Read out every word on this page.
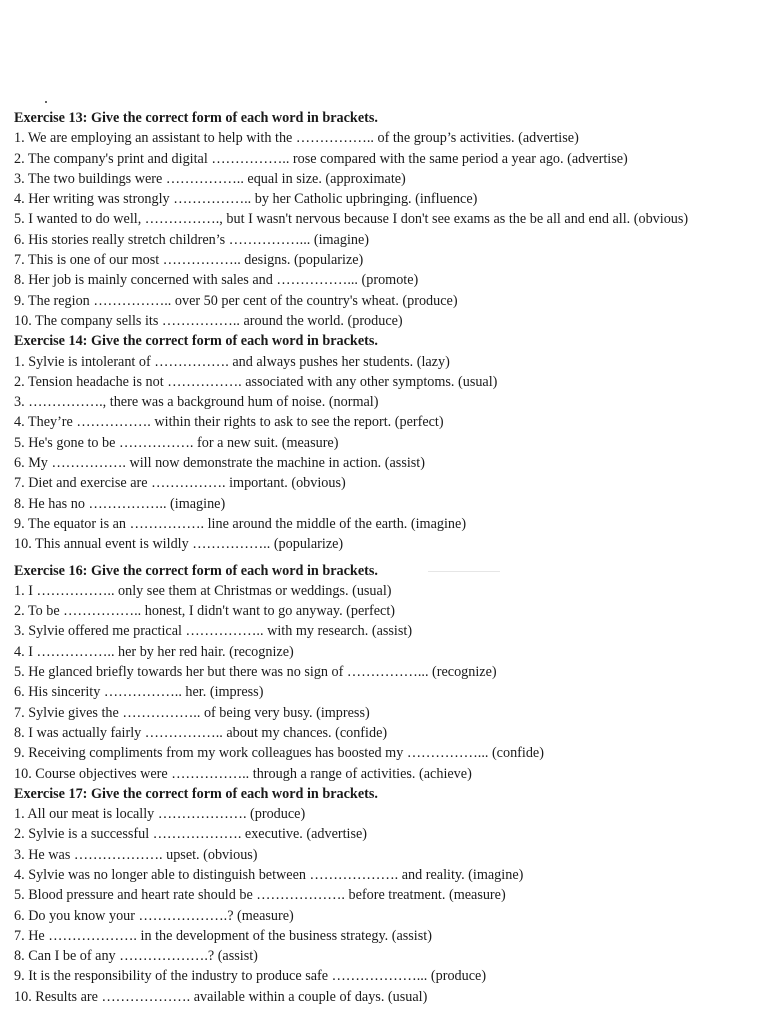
Exercise 13: Give the correct form of each word in brackets.
1. We are employing an assistant to help with the …………….. of the group’s activities. (advertise)
2. The company's print and digital …………….. rose compared with the same period a year ago. (advertise)
3. The two buildings were …………….. equal in size. (approximate)
4. Her writing was strongly …………….. by her Catholic upbringing. (influence)
5. I wanted to do well, ……………., but I wasn't nervous because I don't see exams as the be all and end all. (obvious)
6. His stories really stretch children’s ……………... (imagine)
7. This is one of our most …………….. designs. (popularize)
8. Her job is mainly concerned with sales and ……………... (promote)
9. The region …………….. over 50 per cent of the country's wheat. (produce)
10. The company sells its …………….. around the world. (produce)
Exercise 14: Give the correct form of each word in brackets.
1. Sylvie is intolerant of ……………. and always pushes her students. (lazy)
2. Tension headache is not ……………. associated with any other symptoms. (usual)
3. ……………., there was a background hum of noise. (normal)
4. They’re ……………. within their rights to ask to see the report. (perfect)
5. He's gone to be ……………. for a new suit. (measure)
6. My ……………. will now demonstrate the machine in action. (assist)
7. Diet and exercise are ……………. important. (obvious)
8. He has no …………….. (imagine)
9. The equator is an ……………. line around the middle of the earth. (imagine)
10. This annual event is wildly …………….. (popularize)
Exercise 16: Give the correct form of each word in brackets.
1. I …………….. only see them at Christmas or weddings. (usual)
2. To be …………….. honest, I didn't want to go anyway. (perfect)
3. Sylvie offered me practical …………….. with my research. (assist)
4. I …………….. her by her red hair. (recognize)
5. He glanced briefly towards her but there was no sign of ……………... (recognize)
6. His sincerity …………….. her. (impress)
7. Sylvie gives the …………….. of being very busy. (impress)
8. I was actually fairly …………….. about my chances. (confide)
9. Receiving compliments from my work colleagues has boosted my ……………... (confide)
10. Course objectives were …………….. through a range of activities. (achieve)
Exercise 17: Give the correct form of each word in brackets.
1. All our meat is locally ………………. (produce)
2. Sylvie is a successful ………………. executive. (advertise)
3. He was ………………. upset. (obvious)
4. Sylvie was no longer able to distinguish between ………………. and reality. (imagine)
5. Blood pressure and heart rate should be ………………. before treatment. (measure)
6. Do you know your ……………….? (measure)
7. He ………………. in the development of the business strategy. (assist)
8. Can I be of any ……………….? (assist)
9. It is the responsibility of the industry to produce safe ………………... (produce)
10. Results are ………………. available within a couple of days. (usual)
